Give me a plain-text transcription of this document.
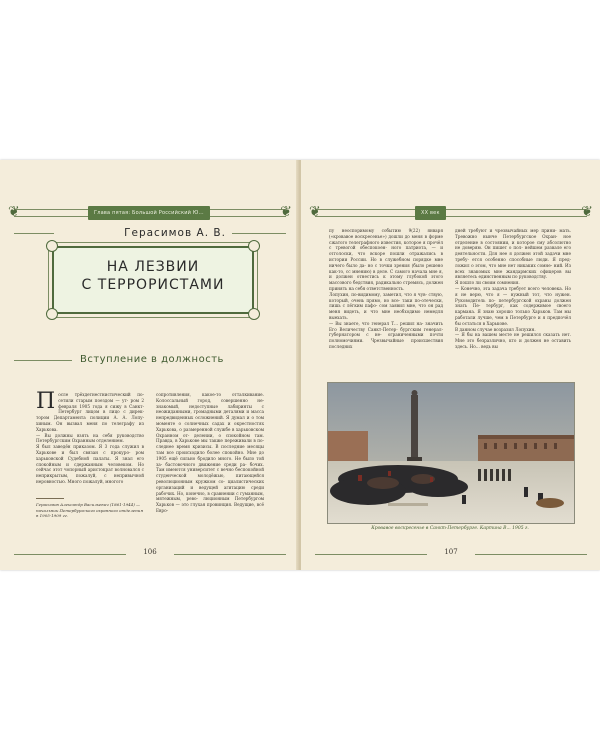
❦	Глава пятая: Большой Российский Ю...	❦
Герасимов А. В.
НА ЛЕЗВИИ
С ТЕРРОРИСТАМИ
Вступление в должность

После трёхдетнестнистический по- сетили старым поездом — ут- ром 2 февраля 1905 года я сижу в Санкт-Петербург лицом в лицо с дирек- тором Департамента полиции А. А. Лопу- хиным. Он вызвал меня по телеграфу из Харькова.

— Вы должны взять на себя руководство Петербургским Охранным отделением.

Я был заведён приказом. Я 3 года служил в Харькове и был связан с прокуро- ром харьковской Судебной палаты. Я знал его спокойным и сдержанным человеком. Но сейчас этот чопорный аристократ волновался с неприкрытым, пожалуй, с непривычной неровностью. Много пожалуй, многого

Герасимов Александр Васильевич (1861-1944) — начальник Петербургского охранного отделения в 1905-1909 гг.

сопротивления, какое-то отталкивание. Колоссальный город, совершенно не- знакомый, недоступные лабиринты с неожиданными, громадными деталями и масса непредвиденных осложнений. Я думал и о том моменте о солнечных садах и окрестностях Харькова, о размеренной службе в харьковском Охранном от- делении, о спокойном там. Правда, в Харькове мы также переживали в по- следнее время кризисы. В последние месяцы там все происходило более спокойно. Мне до 1905 ещё сильно бродило много. Не было той за- бастовочного движение среди ра- бочих. Там имеются университет с вечно беспокойной студенческой молодёжью, питающейся революционным кружком со- циалистических организаций и ведущей агитацию среди рабочих. Но, конечно, в сравнении с гуманным, мятежным, рево- люционным Петербургом Харьков — это глухая провинция. Ведущие, всё Евро-

106
❦	XX век	❦

пу неоспоримому событию 9(22) января («кровавое воскресенье») дошли до меня в форме сжатого телеграфного известия, которое я прочёл с тревогой обеспокоен- ного патриота, — и отголоски, что вскоре пошли отражались в истории России. Но в служебном порядке мне ничего было да- но с точки зрения (было решено как-то, сс мнению) в деле. С самого начала мне я, и должен отнестись к этому глубокой этого массового бедствия, радикально стремясь, должен принять на себя ответственность.

Лопухин, по-видимому, заметил, что я чув- ствую, который, очень прямо, но все- таки по-отечески, лишь с лёгким пафо- сом заявил мне, что он рад меня видеть, и что мне необходимо немедля выехать.

— Вы знаете, что генерал Т... решил на- значить Его Величеству Санкт-Петер- бургским генерал-губернатором с не- ограниченными почти полномочиями. Чрезвычайные происшествия последних

дней требуют и чрезвычайных мер прини- мать. Тревожно нынче Петербургское Охран- ное отделение в состоянии, и которое сму абсолютно не доверяю. Он пишет о пол- нейшем развале его деятельности. Для нее я должен этой задачи мне требу- ется особенно способные люди. Я пред- ложил о этом, что мне нет никаких сомне- ний. Из всех знакомых мне жандармских офицеров вы являетесь единственным по руководству.

Я пошло ли своим сомнения.

— Конечно, эта задача требует всего человека. Но я не верю, что я — нужный тот, что нужен. Руководитель по- петербургской охраны должен знать Пе- тербург, как содержимое своего кармана. Я знаю хорошо только Харьков. Там мы работали лучше, чем в Петербурге и я предпочёл бы остаться в Харькове.

В данном случае возразил Лопухин.

— Я бы на вашем месте не решился сказать нет. Мне это безразлично, кто и должен не оставить здесь. Но... ведь вы

Кровавое воскресенье в Санкт-Петербурге. Картина В... 1905 г.
107
